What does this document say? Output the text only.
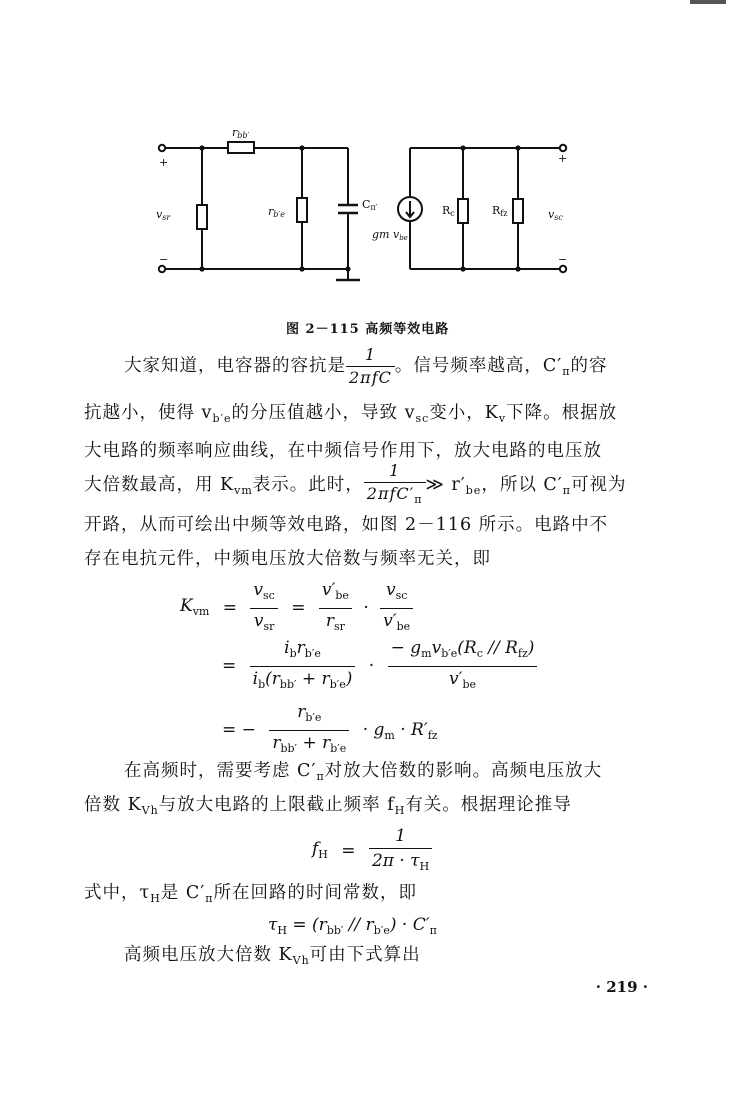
+
−
+
−
vsr
rbb′
rb′e
Cπ′
gm vbe
Rc	Rfz	vsc
图 2－115 高频等效电路
大家知道，电容器的容抗是 $\frac{1}{\text{2πfC}}$ 。信号频率越高，$C'_\pi$的容
抗越小，使得 $v_{b'e}$的分压值越小，导致 $v_{sc}$变小，$K_v$下降。根据放
大电路的频率响应曲线，在中频信号作用下，放大电路的电压放
大倍数最高，用 $K_{vm}$表示。此时， $\frac{1}{2\pi fC'_\pi}$ ≫ $r'_{be}$，所以 $C'_\pi$可视为
开路，从而可绘出中频等效电路，如图 2－116 所示。电路中不
存在电抗元件，中频电压放大倍数与频率无关，即
$K_{vm} = \frac{v_{sc}}{v_{sr}} = \frac{v'_{be}}{r_{sr}} \cdot \frac{v_{sc}}{v'_{be}}$
= $\frac{i_br_{b'e}}{i_b(r_{bb'} + r_{b'e})} \cdot \frac{- g_mv_{b'e}(R_c // R_{fz})}{v'_{be}}$
= − $\frac{r_{b'e}}{r_{bb'} + r_{b'e}} \cdot g_m \cdot R'_{fz}$
在高频时，需要考虑 $C'_\pi$对放大倍数的影响。高频电压放大
倍数 $K_{Vh}$与放大电路的上限截止频率 $f_H$有关。根据理论推导
$f_H = \frac{1}{2\pi \cdot \tau_H}$
式中，$\tau_H$是 $C'_\pi$所在回路的时间常数，即
$\tau_H = (r_{bb'} // r_{b'e}) \cdot C'_\pi$
高频电压放大倍数 $K_{Vh}$可由下式算出
· 219 ·
